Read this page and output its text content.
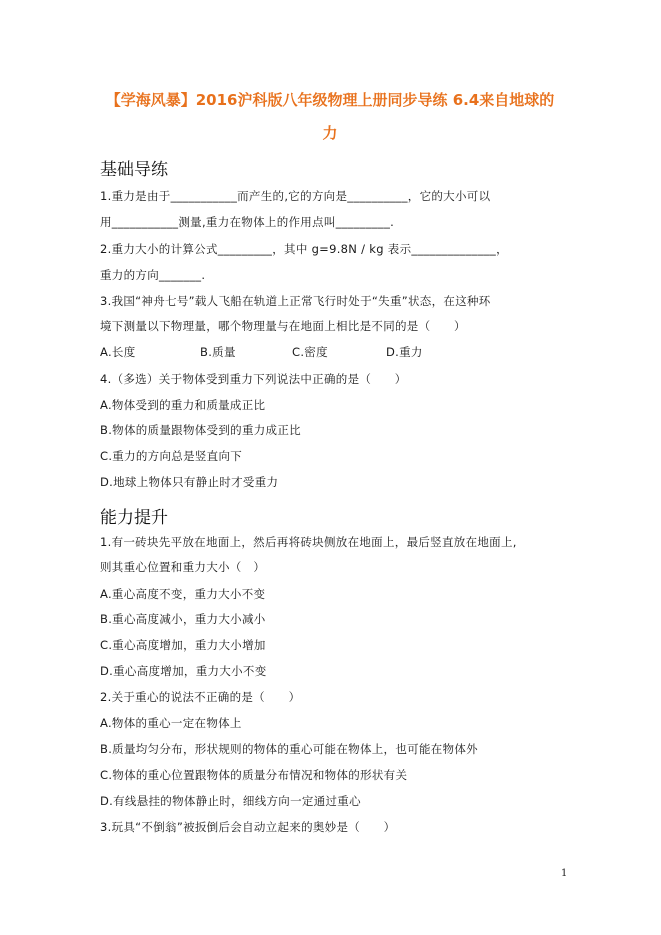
【学海风暴】2016沪科版八年级物理上册同步导练 6.4来自地球的
力
基础导练
1.重力是由于___________而产生的,它的方向是__________，它的大小可以
用___________测量,重力在物体上的作用点叫_________.
2.重力大小的计算公式_________，其中 g=9.8N / kg 表示______________，
重力的方向_______.
3.我国“神舟七号”载人飞船在轨道上正常飞行时处于“失重”状态，在这种环
境下测量以下物理量，哪个物理量与在地面上相比是不同的是（　　）
A.长度	B.质量	C.密度	D.重力
4.（多选）关于物体受到重力下列说法中正确的是（　　）
A.物体受到的重力和质量成正比
B.物体的质量跟物体受到的重力成正比
C.重力的方向总是竖直向下
D.地球上物体只有静止时才受重力
能力提升
1.有一砖块先平放在地面上，然后再将砖块侧放在地面上，最后竖直放在地面上,
则其重心位置和重力大小（　）
A.重心高度不变，重力大小不变
B.重心高度减小，重力大小减小
C.重心高度增加，重力大小增加
D.重心高度增加，重力大小不变
2.关于重心的说法不正确的是（　　）
A.物体的重心一定在物体上
B.质量均匀分布，形状规则的物体的重心可能在物体上，也可能在物体外
C.物体的重心位置跟物体的质量分布情况和物体的形状有关
D.有线悬挂的物体静止时，细线方向一定通过重心
3.玩具“不倒翁”被扳倒后会自动立起来的奥妙是（　　）
1
